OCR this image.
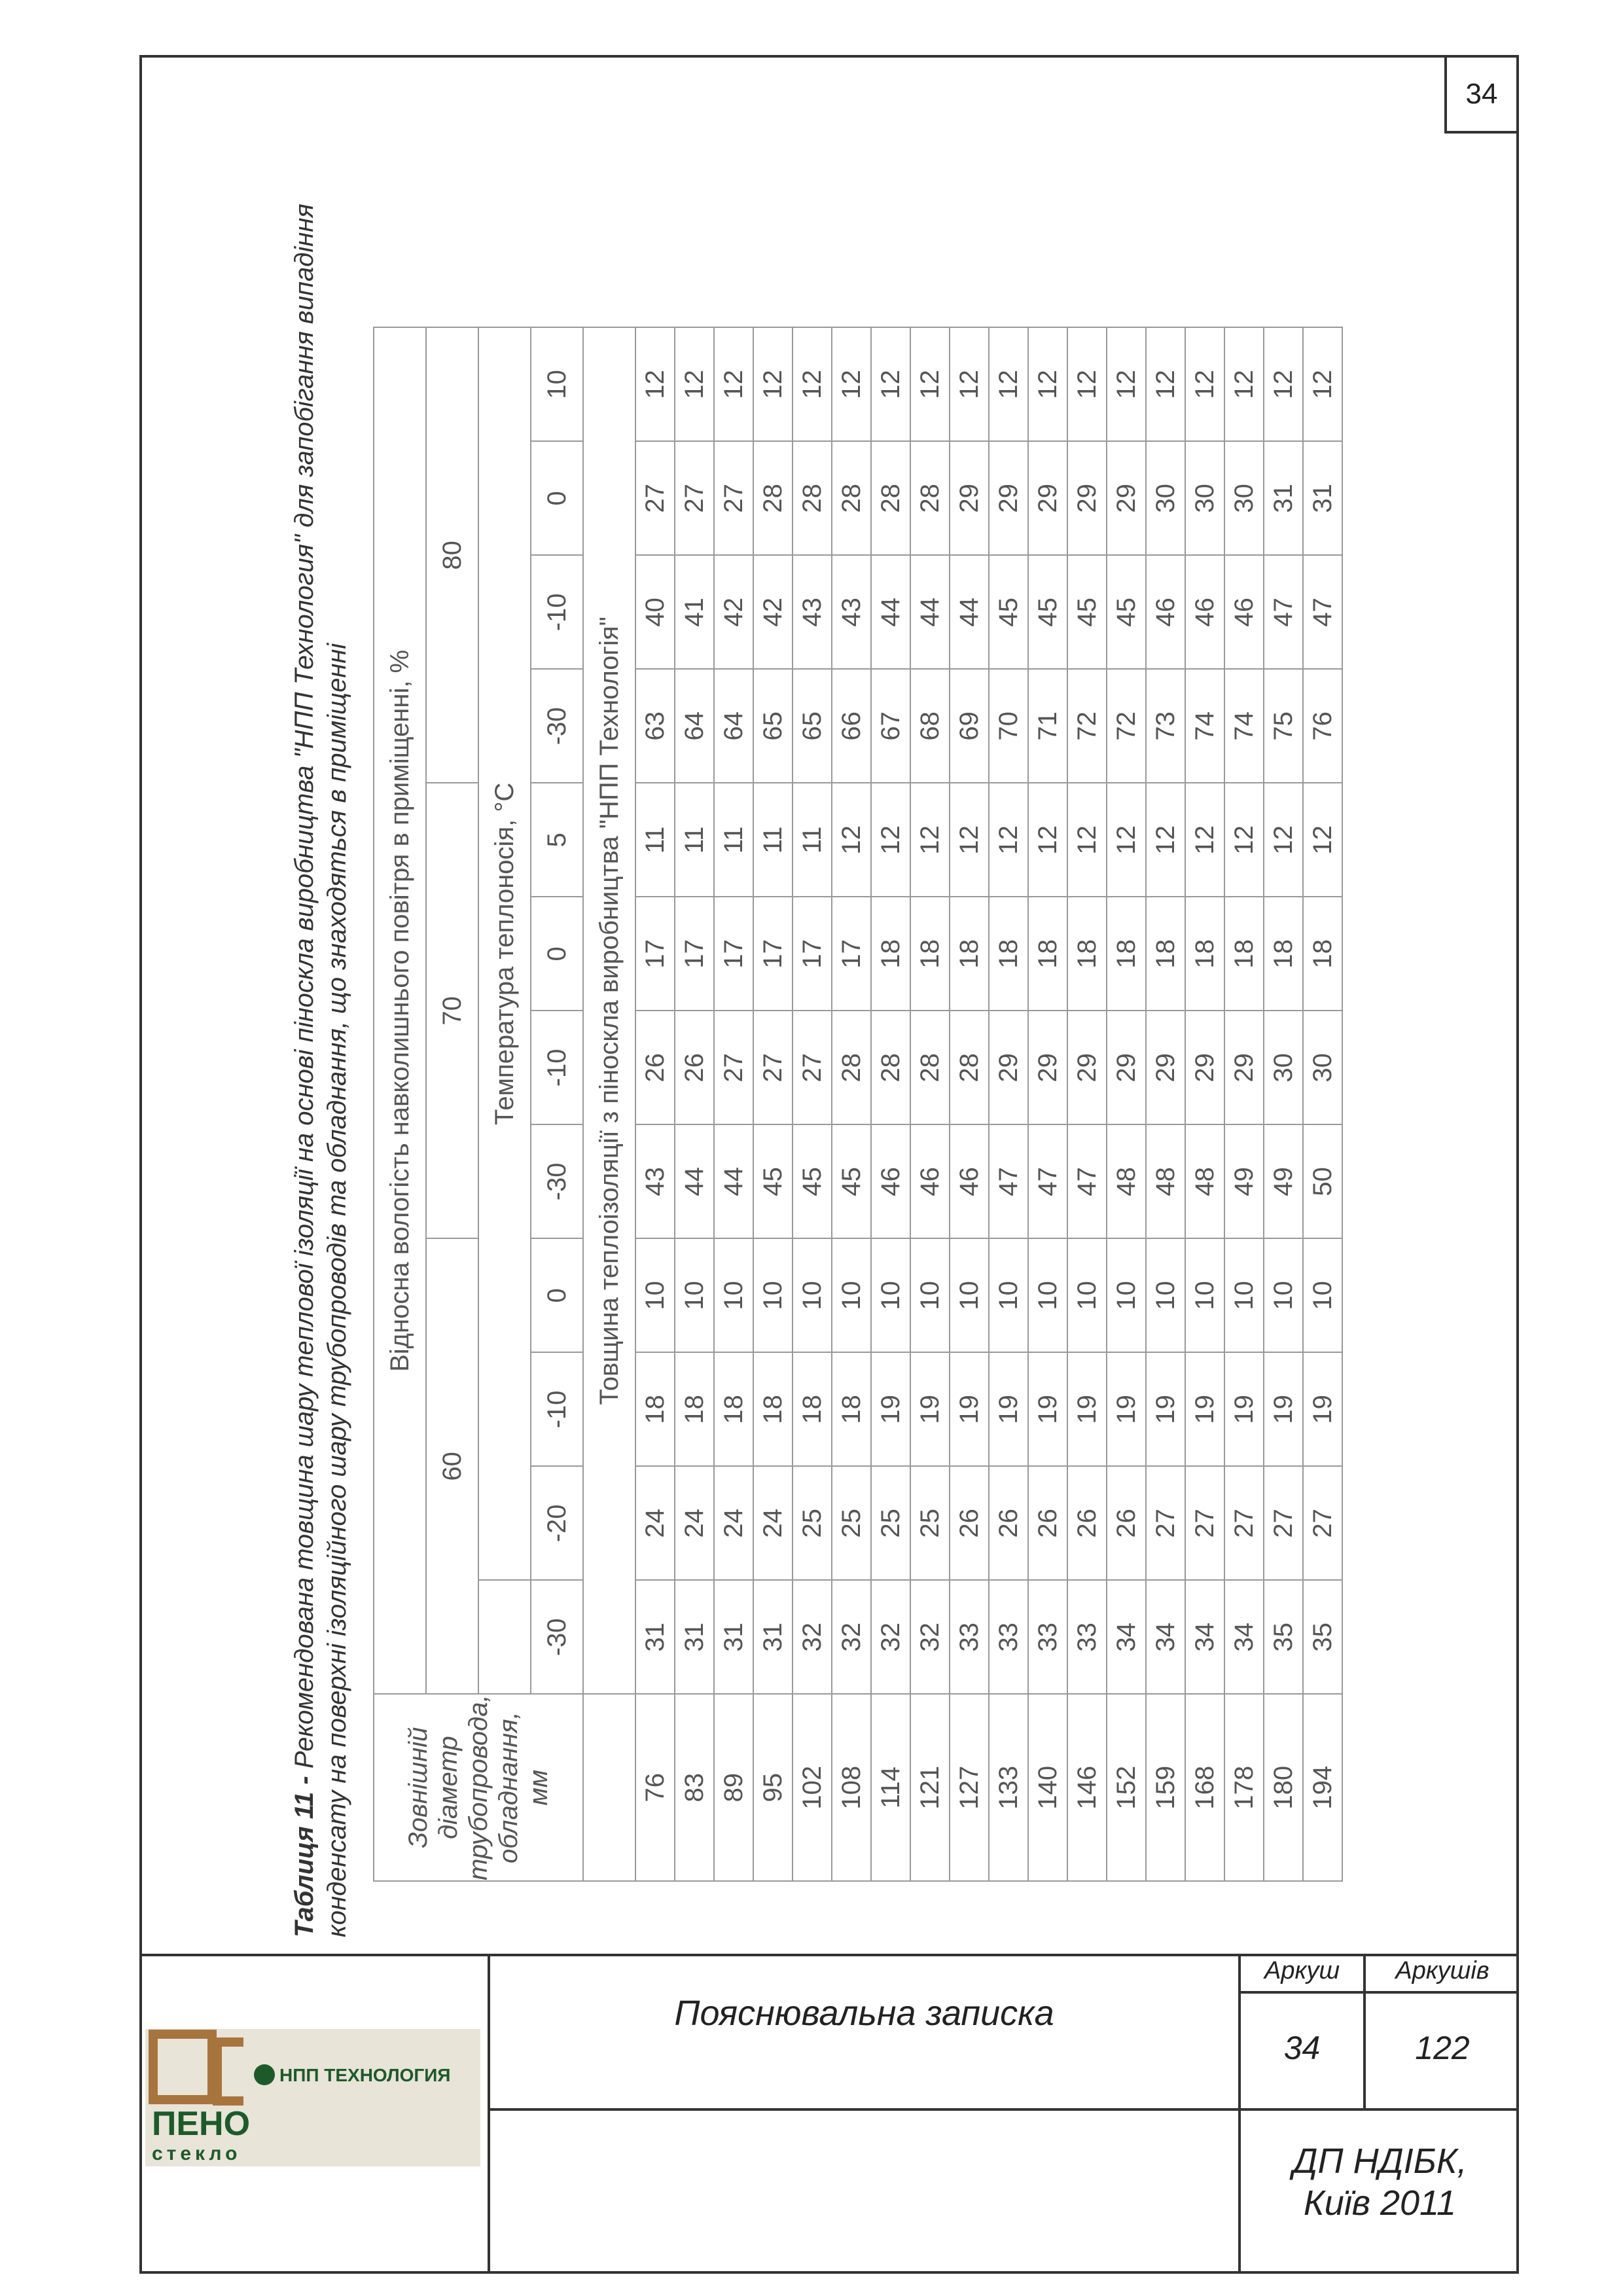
34
Таблиця 11 - Рекомендована товщина шару теплової ізоляції на основі піноскла виробництва "НПП Технология" для запобігання випадіння конденсату на поверхні ізоляційного шару трубопроводів та обладнання, що знаходяться в приміщенні Зовнішній діаметр трубопровода, обладнання, мм	Відносна вологість навколишнього повітря в приміщенні, %											
	60				70				80			
		Температура теплоносія, °С										
	-30	-20	-10	0	-30	-10	0	5	-30	-10	0	10
	Товщина теплоізоляції з піноскла виробництва "НПП Технологія"											
76	31	24	18	10	43	26	17	11	63	40	27	12
83	31	24	18	10	44	26	17	11	64	41	27	12
89	31	24	18	10	44	27	17	11	64	42	27	12
95	31	24	18	10	45	27	17	11	65	42	28	12
102	32	25	18	10	45	27	17	11	65	43	28	12
108	32	25	18	10	45	28	17	12	66	43	28	12
114	32	25	19	10	46	28	18	12	67	44	28	12
121	32	25	19	10	46	28	18	12	68	44	28	12
127	33	26	19	10	46	28	18	12	69	44	29	12
133	33	26	19	10	47	29	18	12	70	45	29	12
140	33	26	19	10	47	29	18	12	71	45	29	12
146	33	26	19	10	47	29	18	12	72	45	29	12
152	34	26	19	10	48	29	18	12	72	45	29	12
159	34	27	19	10	48	29	18	12	73	46	30	12
168	34	27	19	10	48	29	18	12	74	46	30	12
178	34	27	19	10	49	29	18	12	74	46	30	12
180	35	27	19	10	49	30	18	12	75	47	31	12
194	35	27	19	10	50	30	18	12	76	47	31	12
НПП ТЕХНОЛОГИЯ
ПЕНО
стекло
Пояснювальна записка
Аркуш	Аркушів
34	122
ДП НДІБК,
Київ 2011
